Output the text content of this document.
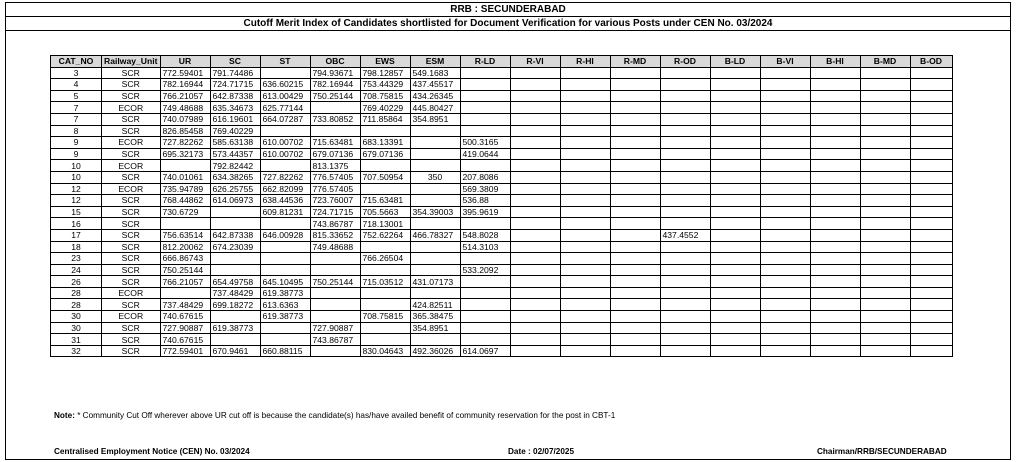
RRB : SECUNDERABAD
Cutoff Merit Index of Candidates shortlisted for Document Verification for various Posts under CEN No. 03/2024
CAT_NO	Railway_Unit	UR	SC	ST	OBC	EWS	ESM	R-LD	R-VI	R-HI	R-MD	R-OD	B-LD	B-VI	B-HI	B-MD	B-OD
3	SCR	772.59401	791.74486		794.93671	798.12857	549.1683										
4	SCR	782.16944	724.71715	636.60215	782.16944	753.44329	437.45517										
5	SCR	766.21057	642.87338	613.00429	750.25144	708.75815	434.26345										
7	ECOR	749.48688	635.34673	625.77144		769.40229	445.80427										
7	SCR	740.07989	616.19601	664.07287	733.80852	711.85864	354.8951										
8	SCR	826.85458	769.40229														
9	ECOR	727.82262	585.63138	610.00702	715.63481	683.13391		500.3165									
9	SCR	695.32173	573.44357	610.00702	679.07136	679.07136		419.0644									
10	ECOR		792.82442		813.1375												
10	SCR	740.01061	634.38265	727.82262	776.57405	707.50954	350	207.8086									
12	ECOR	735.94789	626.25755	662.82099	776.57405			569.3809									
12	SCR	768.44862	614.06973	638.44536	723.76007	715.63481		536.88									
15	SCR	730.6729		609.81231	724.71715	705.5663	354.39003	395.9619									
16	SCR				743.86787	718.13001											
17	SCR	756.63514	642.87338	646.00928	815.33652	752.62264	466.78327	548.8028				437.4552					
18	SCR	812.20062	674.23039		749.48688			514.3103									
23	SCR	666.86743				766.26504											
24	SCR	750.25144						533.2092									
26	SCR	766.21057	654.49758	645.10495	750.25144	715.03512	431.07173										
28	ECOR		737.48429	619.38773													
28	SCR	737.48429	699.18272	613.6363			424.82511										
30	ECOR	740.67615		619.38773		708.75815	365.38475										
30	SCR	727.90887	619.38773		727.90887		354.8951										
31	SCR	740.67615			743.86787												
32	SCR	772.59401	670.9461	660.88115		830.04643	492.36026	614.0697									
Note: * Community Cut Off wherever above UR cut off is because the candidate(s) has/have availed benefit of community reservation for the post in CBT-1
Centralised Employment Notice (CEN) No. 03/2024	Date : 02/07/2025	Chairman/RRB/SECUNDERABAD
